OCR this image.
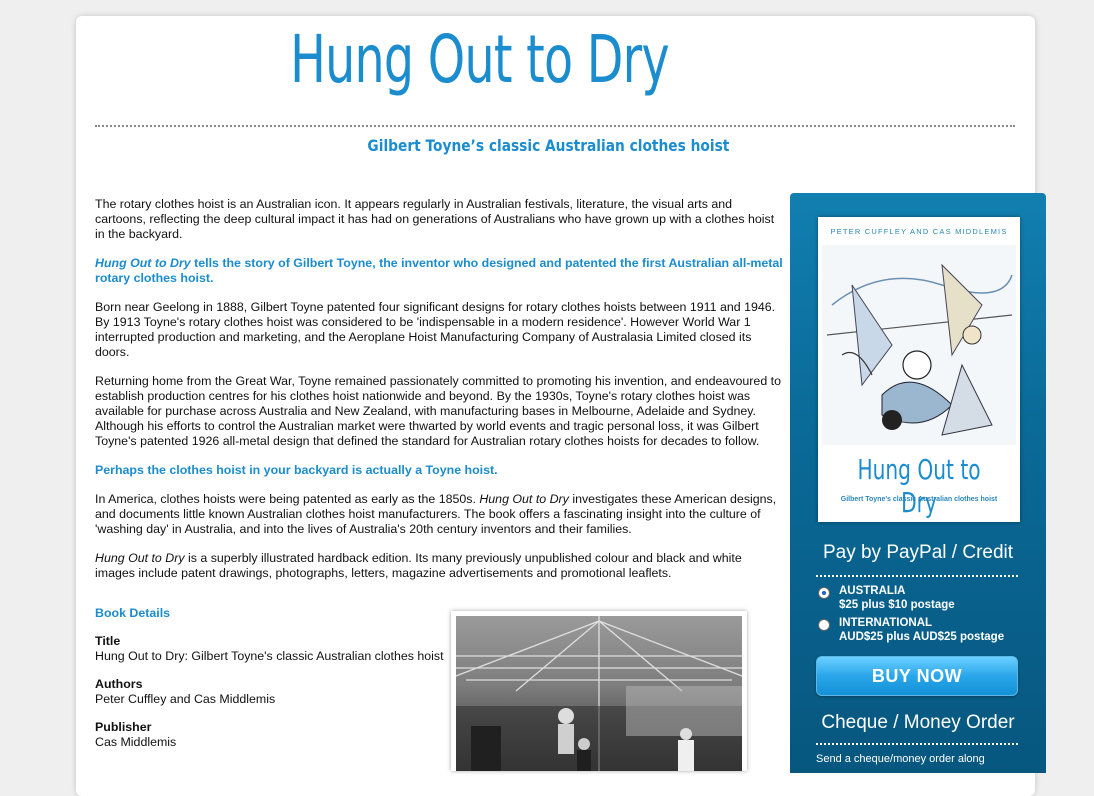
Hung Out to Dry
Gilbert Toyne’s classic Australian clothes hoist

The rotary clothes hoist is an Australian icon. It appears regularly in Australian festivals, literature, the visual arts and cartoons, reflecting the deep cultural impact it has had on generations of Australians who have grown up with a clothes hoist in the backyard.

Hung Out to Dry tells the story of Gilbert Toyne, the inventor who designed and patented the first Australian all-metal rotary clothes hoist.

Born near Geelong in 1888, Gilbert Toyne patented four significant designs for rotary clothes hoists between 1911 and 1946. By 1913 Toyne's rotary clothes hoist was considered to be 'indispensable in a modern residence'. However World War 1 interrupted production and marketing, and the Aeroplane Hoist Manufacturing Company of Australasia Limited closed its doors.

Returning home from the Great War, Toyne remained passionately committed to promoting his invention, and endeavoured to establish production centres for his clothes hoist nationwide and beyond. By the 1930s, Toyne's rotary clothes hoist was available for purchase across Australia and New Zealand, with manufacturing bases in Melbourne, Adelaide and Sydney. Although his efforts to control the Australian market were thwarted by world events and tragic personal loss, it was Gilbert Toyne's patented 1926 all-metal design that defined the standard for Australian rotary clothes hoists for decades to follow.

Perhaps the clothes hoist in your backyard is actually a Toyne hoist.

In America, clothes hoists were being patented as early as the 1850s. Hung Out to Dry investigates these American designs, and documents little known Australian clothes hoist manufacturers. The book offers a fascinating insight into the culture of 'washing day' in Australia, and into the lives of Australia's 20th century inventors and their families.

Hung Out to Dry is a superbly illustrated hardback edition. Its many previously unpublished colour and black and white images include patent drawings, photographs, letters, magazine advertisements and promotional leaflets.

Book Details

Title

Hung Out to Dry: Gilbert Toyne's classic Australian clothes hoist

Authors

Peter Cuffley and Cas Middlemis

Publisher

Cas Middlemis

PETER CUFFLEY AND CAS MIDDLEMIS
Hung Out to Dry
Gilbert Toyne's classic Australian clothes hoist
Pay by PayPal / Credit
AUSTRALIA
$25 plus $10 postage
INTERNATIONAL
AUD$25 plus AUD$25 postage
BUY NOW
Cheque / Money Order
Send a cheque/money order along
